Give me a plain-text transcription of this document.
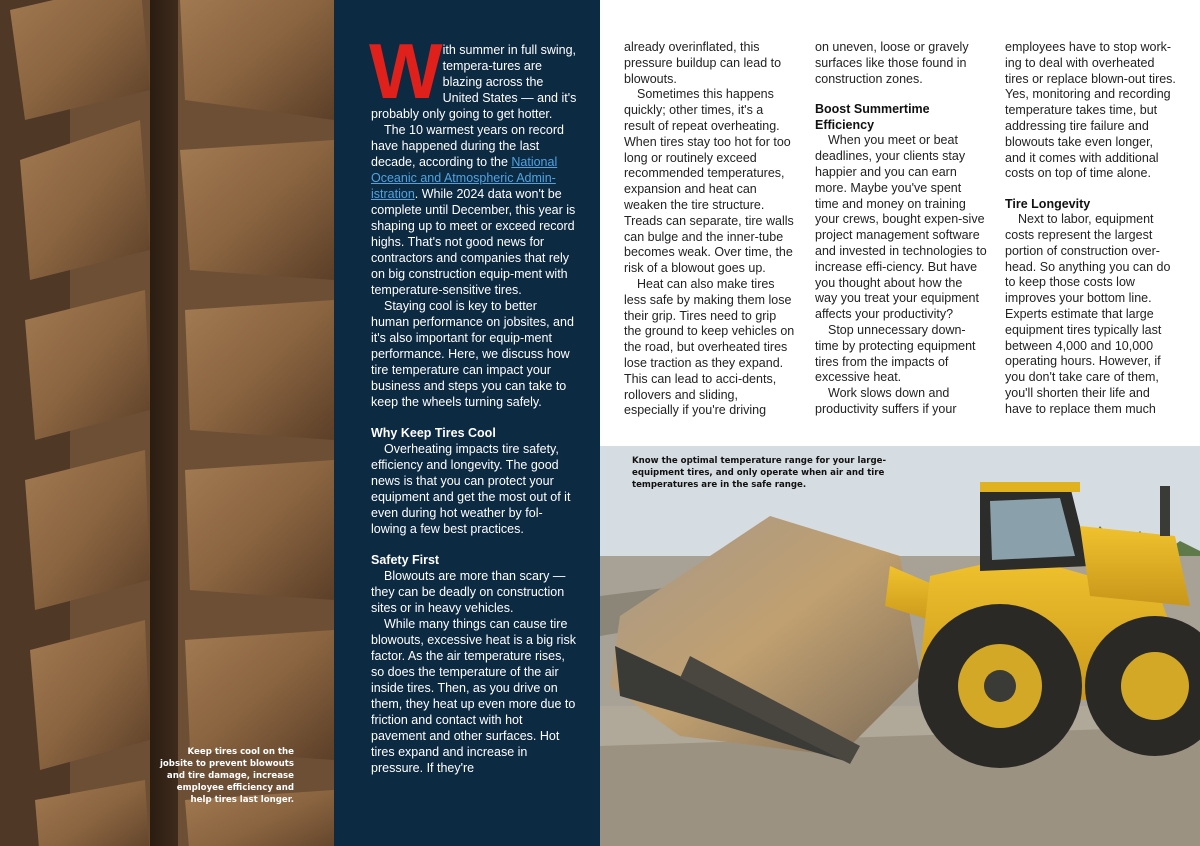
Keep tires cool on the jobsite to prevent blowouts and tire damage, increase employee efficiency and help tires last longer.

W ith summer in full swing, tempera-tures are blazing across the United States — and it's probably only going to get hotter.

The 10 warmest years on record have happened during the last decade, according to the National Oceanic and Atmospheric Admin-istration. While 2024 data won't be complete until December, this year is shaping up to meet or exceed record highs. That's not good news for contractors and companies that rely on big construction equip-ment with temperature-sensitive tires.

Staying cool is key to better human performance on jobsites, and it's also important for equip-ment performance. Here, we discuss how tire temperature can impact your business and steps you can take to keep the wheels turning safely.

Why Keep Tires Cool

Overheating impacts tire safety, efficiency and longevity. The good news is that you can protect your equipment and get the most out of it even during hot weather by fol-lowing a few best practices.

Safety First

Blowouts are more than scary — they can be deadly on construction sites or in heavy vehicles.

While many things can cause tire blowouts, excessive heat is a big risk factor. As the air temperature rises, so does the temperature of the air inside tires. Then, as you drive on them, they heat up even more due to friction and contact with hot pavement and other surfaces. Hot tires expand and increase in pressure. If they're

already overinflated, this pressure buildup can lead to blowouts.

Sometimes this happens quickly; other times, it's a result of repeat overheating. When tires stay too hot for too long or routinely exceed recommended temperatures, expansion and heat can weaken the tire structure. Treads can separate, tire walls can bulge and the inner-tube becomes weak. Over time, the risk of a blowout goes up.

Heat can also make tires less safe by making them lose their grip. Tires need to grip the ground to keep vehicles on the road, but overheated tires lose traction as they expand. This can lead to acci-dents, rollovers and sliding, especially if you're driving

on uneven, loose or gravely surfaces like those found in construction zones.

Boost Summertime Efficiency

When you meet or beat deadlines, your clients stay happier and you can earn more. Maybe you've spent time and money on training your crews, bought expen-sive project management software and invested in technologies to increase effi-ciency. But have you thought about how the way you treat your equipment affects your productivity?

Stop unnecessary down-time by protecting equipment tires from the impacts of excessive heat.

Work slows down and productivity suffers if your

employees have to stop work-ing to deal with overheated tires or replace blown-out tires. Yes, monitoring and recording temperature takes time, but addressing tire failure and blowouts take even longer, and it comes with additional costs on top of time alone.

Tire Longevity

Next to labor, equipment costs represent the largest portion of construction over-head. So anything you can do to keep those costs low improves your bottom line. Experts estimate that large equipment tires typically last between 4,000 and 10,000 operating hours. However, if you don't take care of them, you'll shorten their life and have to replace them much

Know the optimal temperature range for your large-equipment tires, and only operate when air and tire temperatures are in the safe range.
